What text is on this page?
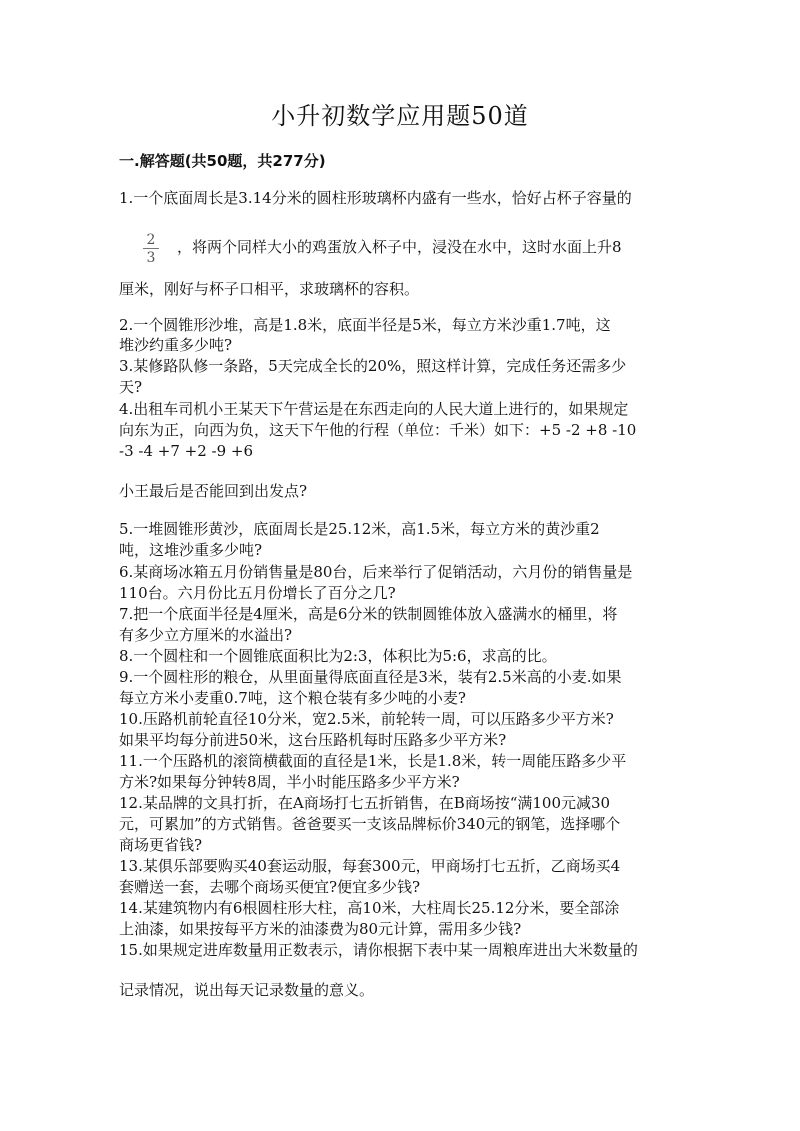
小升初数学应用题50道
一.解答题(共50题，共277分)
1.一个底面周长是3.14分米的圆柱形玻璃杯内盛有一些水，恰好占杯子容量的
2
3
，将两个同样大小的鸡蛋放入杯子中，浸没在水中，这时水面上升8
厘米，刚好与杯子口相平，求玻璃杯的容积。
2.一个圆锥形沙堆，高是1.8米，底面半径是5米，每立方米沙重1.7吨，这
堆沙约重多少吨?
3.某修路队修一条路，5天完成全长的20%，照这样计算，完成任务还需多少
天?
4.出租车司机小王某天下午营运是在东西走向的人民大道上进行的，如果规定
向东为正，向西为负，这天下午他的行程（单位：千米）如下：+5 -2 +8 -10
-3 -4 +7 +2 -9 +6
小王最后是否能回到出发点?
5.一堆圆锥形黄沙，底面周长是25.12米，高1.5米，每立方米的黄沙重2
吨，这堆沙重多少吨?
6.某商场冰箱五月份销售量是80台，后来举行了促销活动，六月份的销售量是
110台。六月份比五月份增长了百分之几?
7.把一个底面半径是4厘米，高是6分米的铁制圆锥体放入盛满水的桶里，将
有多少立方厘米的水溢出?
8.一个圆柱和一个圆锥底面积比为2:3，体积比为5:6，求高的比。
9.一个圆柱形的粮仓，从里面量得底面直径是3米，装有2.5米高的小麦.如果
每立方米小麦重0.7吨，这个粮仓装有多少吨的小麦?
10.压路机前轮直径10分米，宽2.5米，前轮转一周，可以压路多少平方米?
如果平均每分前进50米，这台压路机每时压路多少平方米?
11.一个压路机的滚筒横截面的直径是1米，长是1.8米，转一周能压路多少平
方米?如果每分钟转8周，半小时能压路多少平方米?
12.某品牌的文具打折，在A商场打七五折销售，在B商场按“满100元减30
元，可累加”的方式销售。爸爸要买一支该品牌标价340元的钢笔，选择哪个
商场更省钱?
13.某俱乐部要购买40套运动服，每套300元，甲商场打七五折，乙商场买4
套赠送一套，去哪个商场买便宜?便宜多少钱?
14.某建筑物内有6根圆柱形大柱，高10米，大柱周长25.12分米，要全部涂
上油漆，如果按每平方米的油漆费为80元计算，需用多少钱?
15.如果规定进库数量用正数表示，请你根据下表中某一周粮库进出大米数量的
记录情况，说出每天记录数量的意义。
